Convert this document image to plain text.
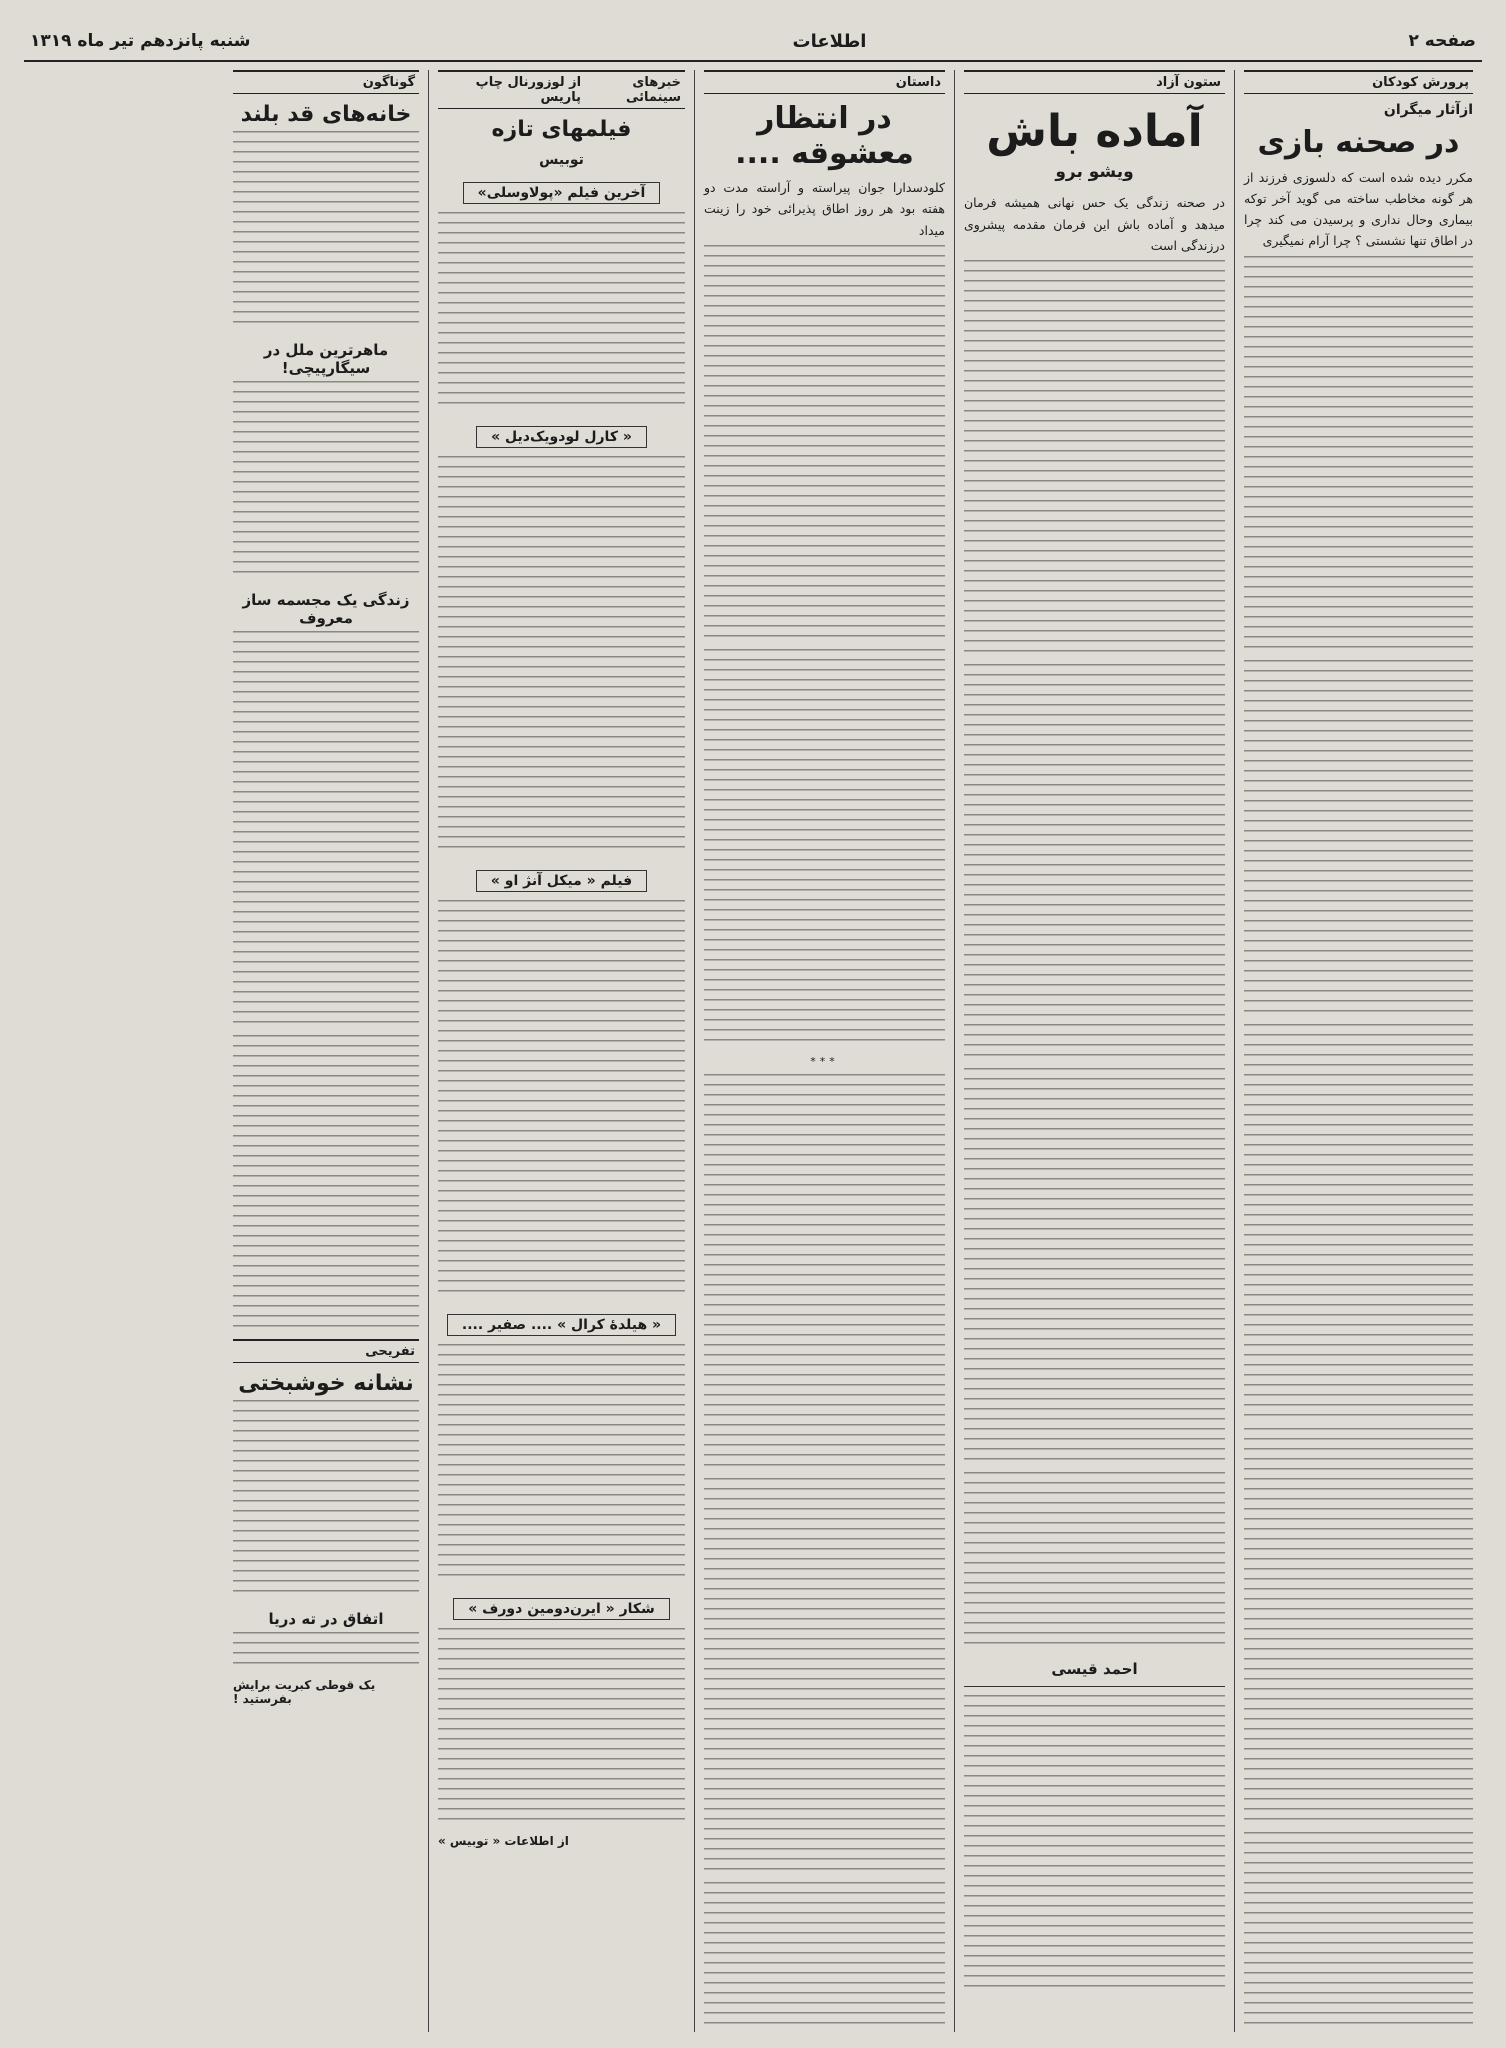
صفحه ۲
اطلاعات
شنبه پانزدهم تیر ماه ۱۳۱۹
پرورش کودکان
ازآثار میگران
در صحنه بازی
مکرر دیده شده است که دلسوزی فرزند از هر گونه مخاطب ساخته می گوید آخر توکه بیماری وحال نداری و پرسیدن می کند چرا در اطاق تنها نشستی ؟ چرا آرام نمیگیری
ستون آزاد
آماده باش
ویشو برو
در صحنه زندگی یک حس نهانی همیشه فرمان میدهد و آماده باش این فرمان مقدمه پیشروی درزندگی است
احمد قیسی
داستان
در انتظار معشوقه ....
کلودسدارا جوان پیراسته و آراسته مدت دو هفته بود هر روز اطاق پذیرائی خود را زینت میداد
***
خبرهای سینمائی
از لوزورنال چاپ پاریس
فیلمهای تازه
توبیس
آخرین فیلم «پولاوسلی»
« کارل لودویک‌دیل »
فیلم « میکل آنژ او »
« هیلدهٔ کرال » .... صفیر ....
شکار « ایرن‌دومین دورف »
از اطلاعات « توبیس »
گوناگون
خانه‌های قد بلند
ماهرترین ملل در سیگارپیچی!
زندگی یک مجسمه ساز معروف
تفریحی
نشانه خوشبختی
اتفاق در ته دریا
یک قوطی کبریت برایش بفرستید !
